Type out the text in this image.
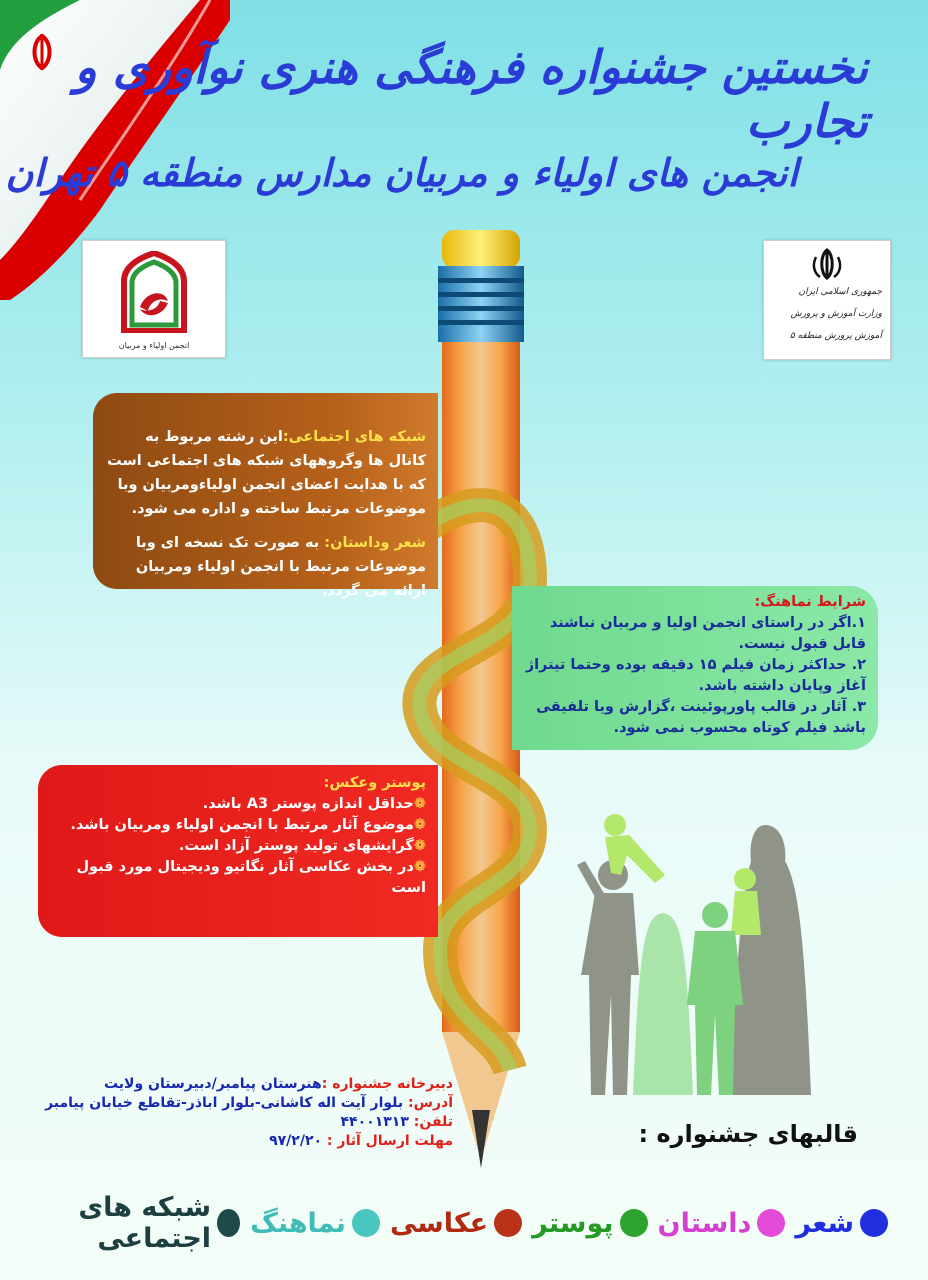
نخستین جشنواره فرهنگی هنری نوآوری و تجارب
انجمن های اولیاء و مربیان مدارس منطقه ۵ تهران
انجمن اولیاء و مربیان
جمهوری اسلامی ایران
وزارت آموزش و پرورش
آموزش پرورش منطقه ۵
شبکه های اجتماعی:این رشته مربوط به کانال ها وگروههای شبکه های اجتماعی است که با هدایت اعضای انجمن اولیاءومربیان وبا موضوعات مرتبط ساخته و اداره می شود.
شعر وداستان: به صورت تک نسخه ای وبا موضوعات مرتبط با انجمن اولیاء ومربیان ارائه می گردد.
شرایط نماهنگ:
۱.اگر در راستای انجمن اولیا و مربیان نباشند قابل قبول نیست.
۲. حداکثر زمان فیلم ۱۵ دقیقه بوده وحتما تیتراژ آغاز وپایان داشته باشد.
۳. آثار در قالب پاورپوئینت ،گزارش ویا تلفیقی باشد فیلم کوتاه محسوب نمی شود.
پوستر وعکس:
❁حداقل اندازه پوستر A3 باشد.
❁موضوع آثار مرتبط با انجمن اولیاء ومربیان باشد.
❁گرایشهای تولید پوستر آزاد است.
❁در بخش عکاسی آثار نگاتیو ودیجیتال مورد قبول است
دبیرخانه جشنواره :هنرستان پیامبر/دبیرستان ولایت
آدرس: بلوار آیت اله کاشانی-بلوار اباذر-تقاطع خیابان پیامبر
تلفن: ۴۴۰۰۱۳۱۳
مهلت ارسال آثار : ۹۷/۲/۲۰	قالبهای جشنواره :
شعر
داستان
پوستر
عکاسی
نماهنگ
شبکه های اجتماعی
